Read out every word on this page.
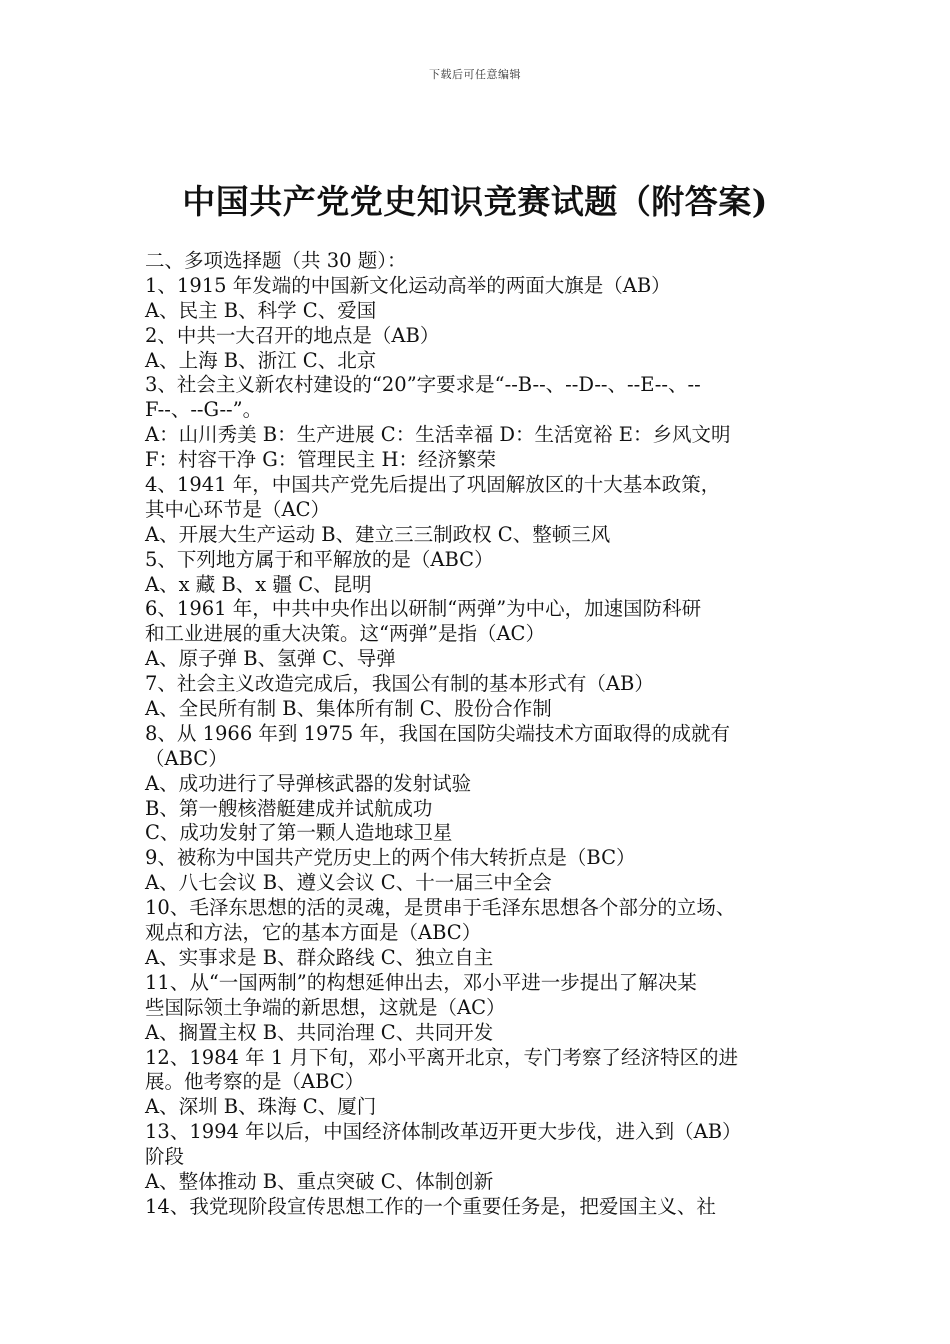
下载后可任意编辑
中国共产党党史知识竞赛试题（附答案)
二、多项选择题（共 30 题）：
1、1915 年发端的中国新文化运动高举的两面大旗是（AB）
A、民主 B、科学 C、爱国
2、中共一大召开的地点是（AB）
A、上海 B、浙江 C、北京
3、社会主义新农村建设的“20”字要求是“--B--、--D--、--E--、--
F--、--G--”。
A：山川秀美 B：生产进展 C：生活幸福 D：生活宽裕 E：乡风文明
F：村容干净 G：管理民主 H：经济繁荣
4、1941 年，中国共产党先后提出了巩固解放区的十大基本政策，
其中心环节是（AC）
A、开展大生产运动 B、建立三三制政权 C、整顿三风
5、下列地方属于和平解放的是（ABC）
A、x 藏 B、x 疆 C、昆明
6、1961 年，中共中央作出以研制“两弹”为中心，加速国防科研
和工业进展的重大决策。这“两弹”是指（AC）
A、原子弹 B、氢弹 C、导弹
7、社会主义改造完成后，我国公有制的基本形式有（AB）
A、全民所有制 B、集体所有制 C、股份合作制
8、从 1966 年到 1975 年，我国在国防尖端技术方面取得的成就有
（ABC）
A、成功进行了导弹核武器的发射试验
B、第一艘核潜艇建成并试航成功
C、成功发射了第一颗人造地球卫星
9、被称为中国共产党历史上的两个伟大转折点是（BC）
A、八七会议 B、遵义会议 C、十一届三中全会
10、毛泽东思想的活的灵魂，是贯串于毛泽东思想各个部分的立场、
观点和方法，它的基本方面是（ABC）
A、实事求是 B、群众路线 C、独立自主
11、从“一国两制”的构想延伸出去，邓小平进一步提出了解决某
些国际领土争端的新思想，这就是（AC）
A、搁置主权 B、共同治理 C、共同开发
12、1984 年 1 月下旬，邓小平离开北京，专门考察了经济特区的进
展。他考察的是（ABC）
A、深圳 B、珠海 C、厦门
13、1994 年以后，中国经济体制改革迈开更大步伐，进入到（AB）
阶段
A、整体推动 B、重点突破 C、体制创新
14、我党现阶段宣传思想工作的一个重要任务是，把爱国主义、社
